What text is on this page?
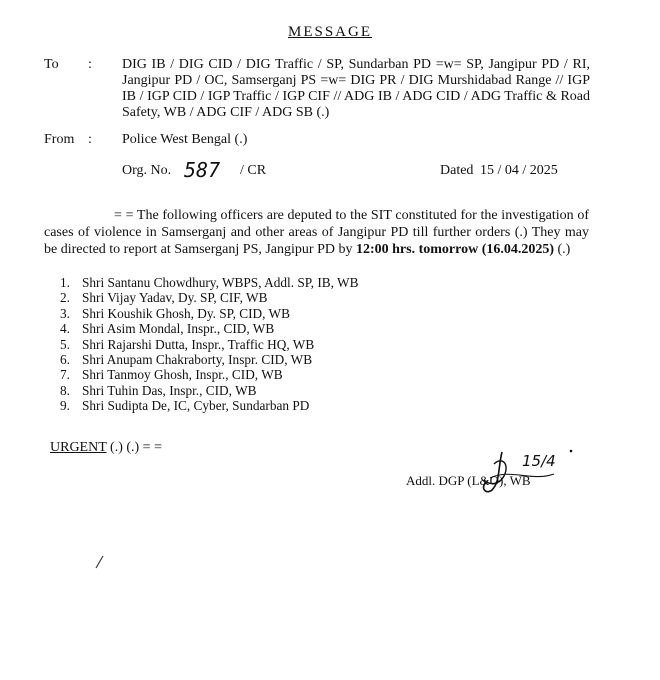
MESSAGE
To : DIG IB / DIG CID / DIG Traffic / SP, Sundarban PD =w= SP, Jangipur PD / RI, Jangipur PD / OC, Samserganj PS =w= DIG PR / DIG Murshidabad Range // IGP IB / IGP CID / IGP Traffic / IGP CIF // ADG IB / ADG CID / ADG Traffic & Road Safety, WB / ADG CIF / ADG SB (.)
From : Police West Bengal (.)
Org. No. 587 / CR	Dated 15 / 04 / 2025

= = The following officers are deputed to the SIT constituted for the investigation of cases of violence in Samserganj and other areas of Jangipur PD till further orders (.) They may be directed to report at Samserganj PS, Jangipur PD by 12:00 hrs. tomorrow (16.04.2025) (.)

1. Shri Santanu Chowdhury, WBPS, Addl. SP, IB, WB
2. Shri Vijay Yadav, Dy. SP, CIF, WB
3. Shri Koushik Ghosh, Dy. SP, CID, WB
4. Shri Asim Mondal, Inspr., CID, WB
5. Shri Rajarshi Dutta, Inspr., Traffic HQ, WB
6. Shri Anupam Chakraborty, Inspr. CID, WB
7. Shri Tanmoy Ghosh, Inspr., CID, WB
8. Shri Tuhin Das, Inspr., CID, WB
9. Shri Sudipta De, IC, Cyber, Sundarban PD
URGENT (.) (.) = =
Addl. DGP (L&O), WB
15/4
